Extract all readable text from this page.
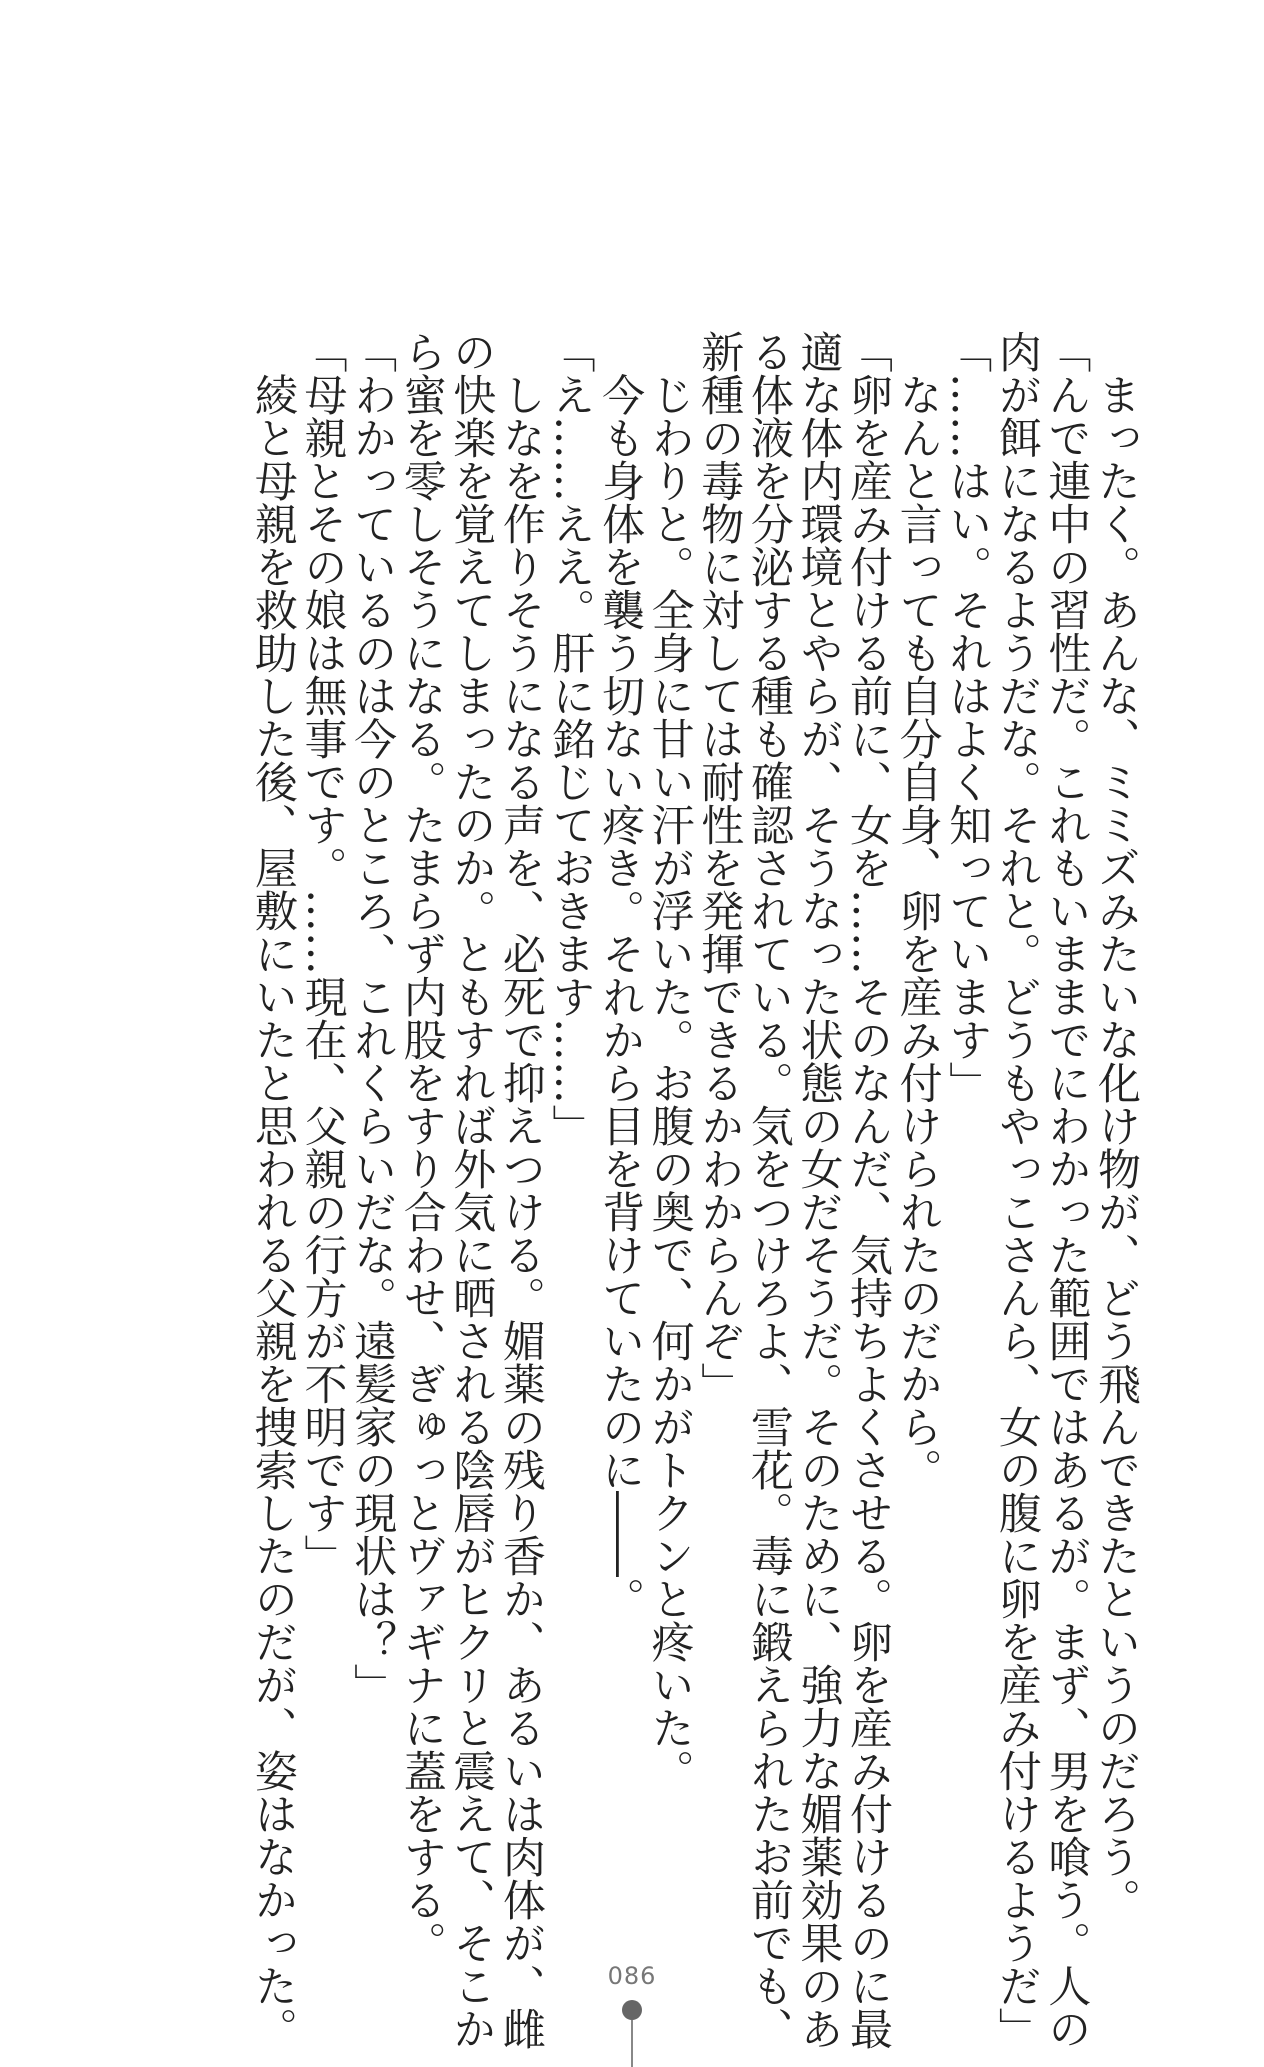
　まったく。あんな、ミミズみたいな化け物が、どう飛んできたというのだろう。
「んで連中の習性だ。これもいままでにわかった範囲ではあるが。まず、男を喰う。人の
肉が餌になるようだな。それと。どうもやっこさんら、女の腹に卵を産み付けるようだ」
「……はい。それはよく知っています」
　なんと言っても自分自身、卵を産み付けられたのだから。
「卵を産み付ける前に、女を……そのなんだ、気持ちよくさせる。卵を産み付けるのに最
適な体内環境とやらが、そうなった状態の女だそうだ。そのために、強力な媚薬効果のあ
る体液を分泌する種も確認されている。気をつけろよ、雪花。毒に鍛えられたお前でも、
新種の毒物に対しては耐性を発揮できるかわからんぞ」
　じわりと。全身に甘い汗が浮いた。お腹の奥で、何かがトクンと疼いた。
　今も身体を襲う切ない疼き。それから目を背けていたのに――。
「え……ええ。肝に銘じておきます……」
　しなを作りそうになる声を、必死で抑えつける。媚薬の残り香か、あるいは肉体が、雌
の快楽を覚えてしまったのか。ともすれば外気に晒される陰唇がヒクリと震えて、そこか
ら蜜を零しそうになる。たまらず内股をすり合わせ、ぎゅっとヴァギナに蓋をする。
「わかっているのは今のところ、これくらいだな。遠髪家の現状は？」
「母親とその娘は無事です。……現在、父親の行方が不明です」
　綾と母親を救助した後、屋敷にいたと思われる父親を捜索したのだが、姿はなかった。	086
